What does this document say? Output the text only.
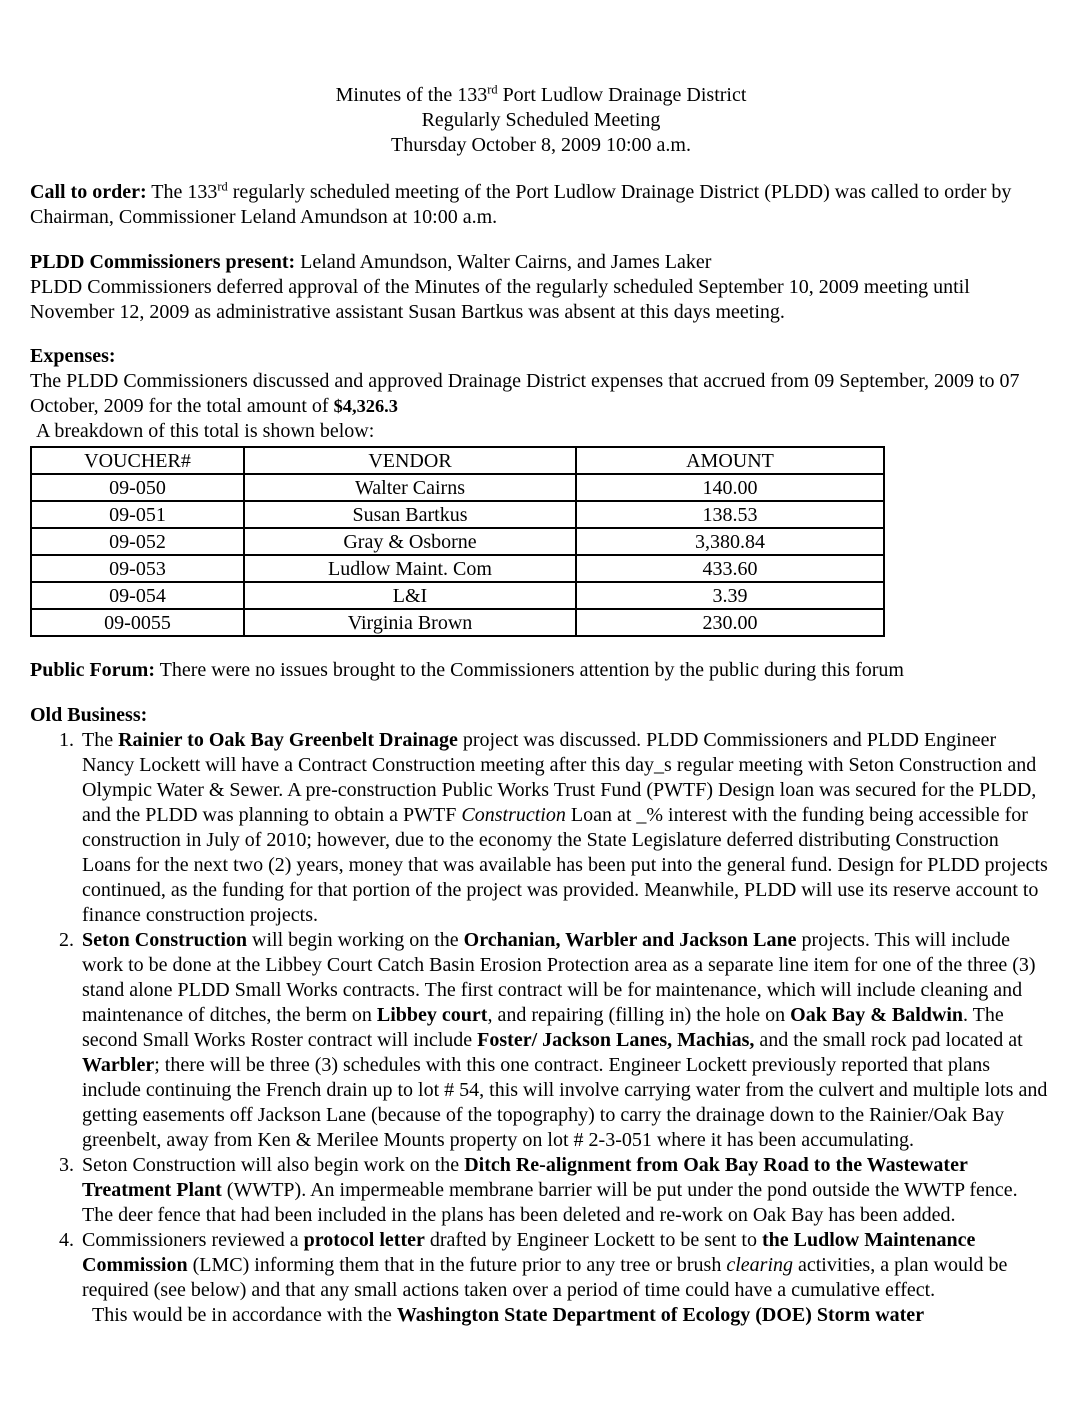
Minutes of the 133rd Port Ludlow Drainage District
Regularly Scheduled Meeting
Thursday October 8, 2009 10:00 a.m.

Call to order: The 133rd regularly scheduled meeting of the Port Ludlow Drainage District (PLDD) was called to order by Chairman, Commissioner Leland Amundson at 10:00 a.m.

PLDD Commissioners present: Leland Amundson, Walter Cairns, and James Laker
PLDD Commissioners deferred approval of the Minutes of the regularly scheduled September 10, 2009 meeting until November 12, 2009 as administrative assistant Susan Bartkus was absent at this days meeting.
Expenses:
The PLDD Commissioners discussed and approved Drainage District expenses that accrued from 09 September, 2009 to 07 October, 2009 for the total amount of $4,326.3
A breakdown of this total is shown below:
VOUCHER#	VENDOR	AMOUNT
09-050	Walter Cairns	140.00
09-051	Susan Bartkus	138.53
09-052	Gray & Osborne	3,380.84
09-053	Ludlow Maint. Com	433.60
09-054	L&I	3.39
09-0055	Virginia Brown	230.00

Public Forum: There were no issues brought to the Commissioners attention by the public during this forum

Old Business:
1. The Rainier to Oak Bay Greenbelt Drainage project was discussed. PLDD Commissioners and PLDD Engineer Nancy Lockett will have a Contract Construction meeting after this day_s regular meeting with Seton Construction and Olympic Water & Sewer. A pre-construction Public Works Trust Fund (PWTF) Design loan was secured for the PLDD, and the PLDD was planning to obtain a PWTF Construction Loan at _% interest with the funding being accessible for construction in July of 2010; however, due to the economy the State Legislature deferred distributing Construction Loans for the next two (2) years, money that was available has been put into the general fund. Design for PLDD projects continued, as the funding for that portion of the project was provided. Meanwhile, PLDD will use its reserve account to finance construction projects.
2. Seton Construction will begin working on the Orchanian, Warbler and Jackson Lane projects. This will include work to be done at the Libbey Court Catch Basin Erosion Protection area as a separate line item for one of the three (3) stand alone PLDD Small Works contracts. The first contract will be for maintenance, which will include cleaning and maintenance of ditches, the berm on Libbey court, and repairing (filling in) the hole on Oak Bay & Baldwin. The second Small Works Roster contract will include Foster/ Jackson Lanes, Machias, and the small rock pad located at Warbler; there will be three (3) schedules with this one contract. Engineer Lockett previously reported that plans include continuing the French drain up to lot # 54, this will involve carrying water from the culvert and multiple lots and getting easements off Jackson Lane (because of the topography) to carry the drainage down to the Rainier/Oak Bay greenbelt, away from Ken & Merilee Mounts property on lot # 2-3-051 where it has been accumulating.
3. Seton Construction will also begin work on the Ditch Re-alignment from Oak Bay Road to the Wastewater Treatment Plant (WWTP). An impermeable membrane barrier will be put under the pond outside the WWTP fence. The deer fence that had been included in the plans has been deleted and re-work on Oak Bay has been added.
4. Commissioners reviewed a protocol letter drafted by Engineer Lockett to be sent to the Ludlow Maintenance Commission (LMC) informing them that in the future prior to any tree or brush clearing activities, a plan would be required (see below) and that any small actions taken over a period of time could have a cumulative effect.
This would be in accordance with the Washington State Department of Ecology (DOE) Storm water
